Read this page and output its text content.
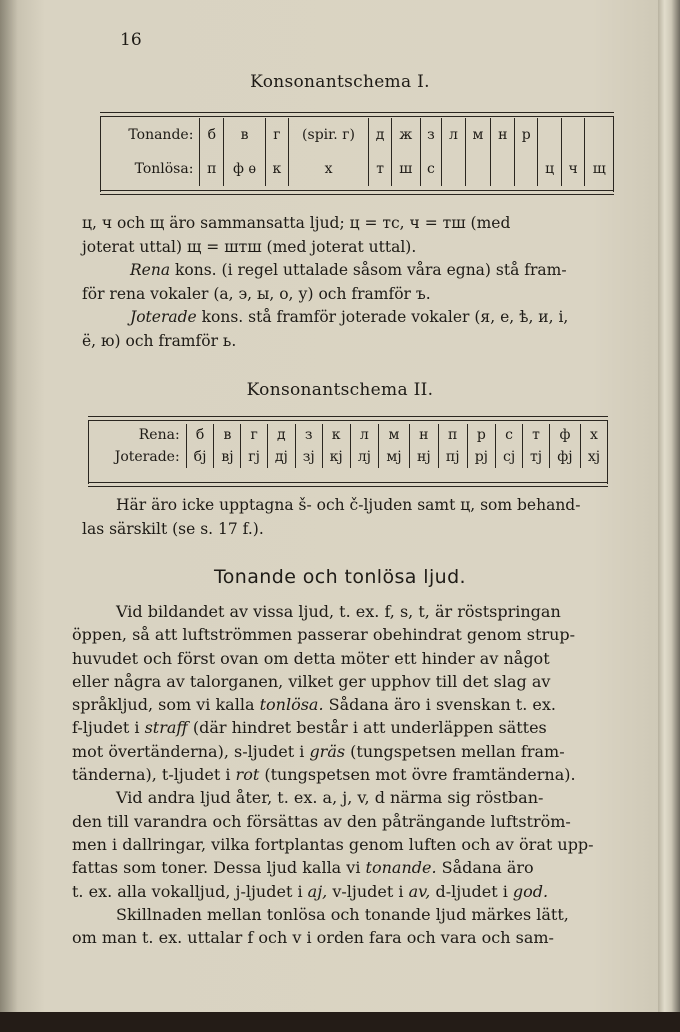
16
Konsonantschema I.
Tonande:	б	в	г	(spir. г)	д	ж	з	л	м	н	р			
Tonlösa:	п	ф ѳ	к	х	т	ш	с					ц	ч	щ
ц, ч och щ äro sammansatta ljud; ц = тс, ч = тш (med
joterat uttal) щ = штш (med joterat uttal).
Rena kons. (i regel uttalade såsom våra egna) stå fram-
för rena vokaler (а, э, ы, о, у) och framför ъ.
Joterade kons. stå framför joterade vokaler (я, е, ѣ, и, і,
ё, ю) och framför ь.
Konsonantschema II.
Rena:	б	в	г	д	з	к	л	м	н	п	р	с	т	ф	х
Joterade:	бj	вj	гj	дj	зj	кj	лj	мj	нj	пj	рj	сj	тj	фj	хj
Här äro icke upptagna š- och č-ljuden samt ц, som behand-
las särskilt (se s. 17 f.).
Tonande och tonlösa ljud.
Vid bildandet av vissa ljud, t. ex. f, s, t, är röstspringan
öppen, så att luftströmmen passerar obehindrat genom strup-
huvudet och först ovan om detta möter ett hinder av något
eller några av talorganen, vilket ger upphov till det slag av
språkljud, som vi kalla tonlösa. Sådana äro i svenskan t. ex.
f-ljudet i straff (där hindret består i att underläppen sättes
mot övertänderna), s-ljudet i gräs (tungspetsen mellan fram-
tänderna), t-ljudet i rot (tungspetsen mot övre framtänderna).
Vid andra ljud åter, t. ex. a, j, v, d närma sig röstban-
den till varandra och försättas av den påträngande luftström-
men i dallringar, vilka fortplantas genom luften och av örat upp-
fattas som toner. Dessa ljud kalla vi tonande. Sådana äro
t. ex. alla vokalljud, j-ljudet i aj, v-ljudet i av, d-ljudet i god.
Skillnaden mellan tonlösa och tonande ljud märkes lätt,
om man t. ex. uttalar f och v i orden fara och vara och sam-
